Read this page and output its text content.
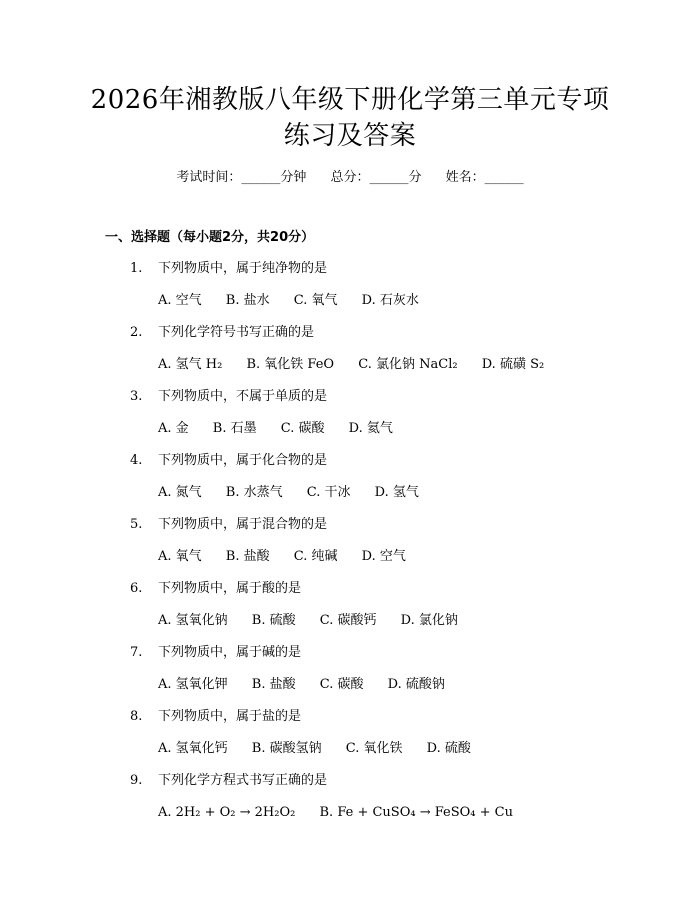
2026年湘教版八年级下册化学第三单元专项
练习及答案
考试时间：______分钟 总分：______分 姓名：______
一、选择题（每小题2分，共20分）
1. 下列物质中，属于纯净物的是
A. 空气 B. 盐水 C. 氧气 D. 石灰水
2. 下列化学符号书写正确的是
A. 氢气 H₂ B. 氧化铁 FeO C. 氯化钠 NaCl₂ D. 硫磺 S₂
3. 下列物质中，不属于单质的是
A. 金 B. 石墨 C. 碳酸 D. 氦气
4. 下列物质中，属于化合物的是
A. 氮气 B. 水蒸气 C. 干冰 D. 氢气
5. 下列物质中，属于混合物的是
A. 氧气 B. 盐酸 C. 纯碱 D. 空气
6. 下列物质中，属于酸的是
A. 氢氧化钠 B. 硫酸 C. 碳酸钙 D. 氯化钠
7. 下列物质中，属于碱的是
A. 氢氧化钾 B. 盐酸 C. 碳酸 D. 硫酸钠
8. 下列物质中，属于盐的是
A. 氢氧化钙 B. 碳酸氢钠 C. 氧化铁 D. 硫酸
9. 下列化学方程式书写正确的是
A. 2H₂ + O₂ → 2H₂O₂ B. Fe + CuSO₄ → FeSO₄ + Cu
